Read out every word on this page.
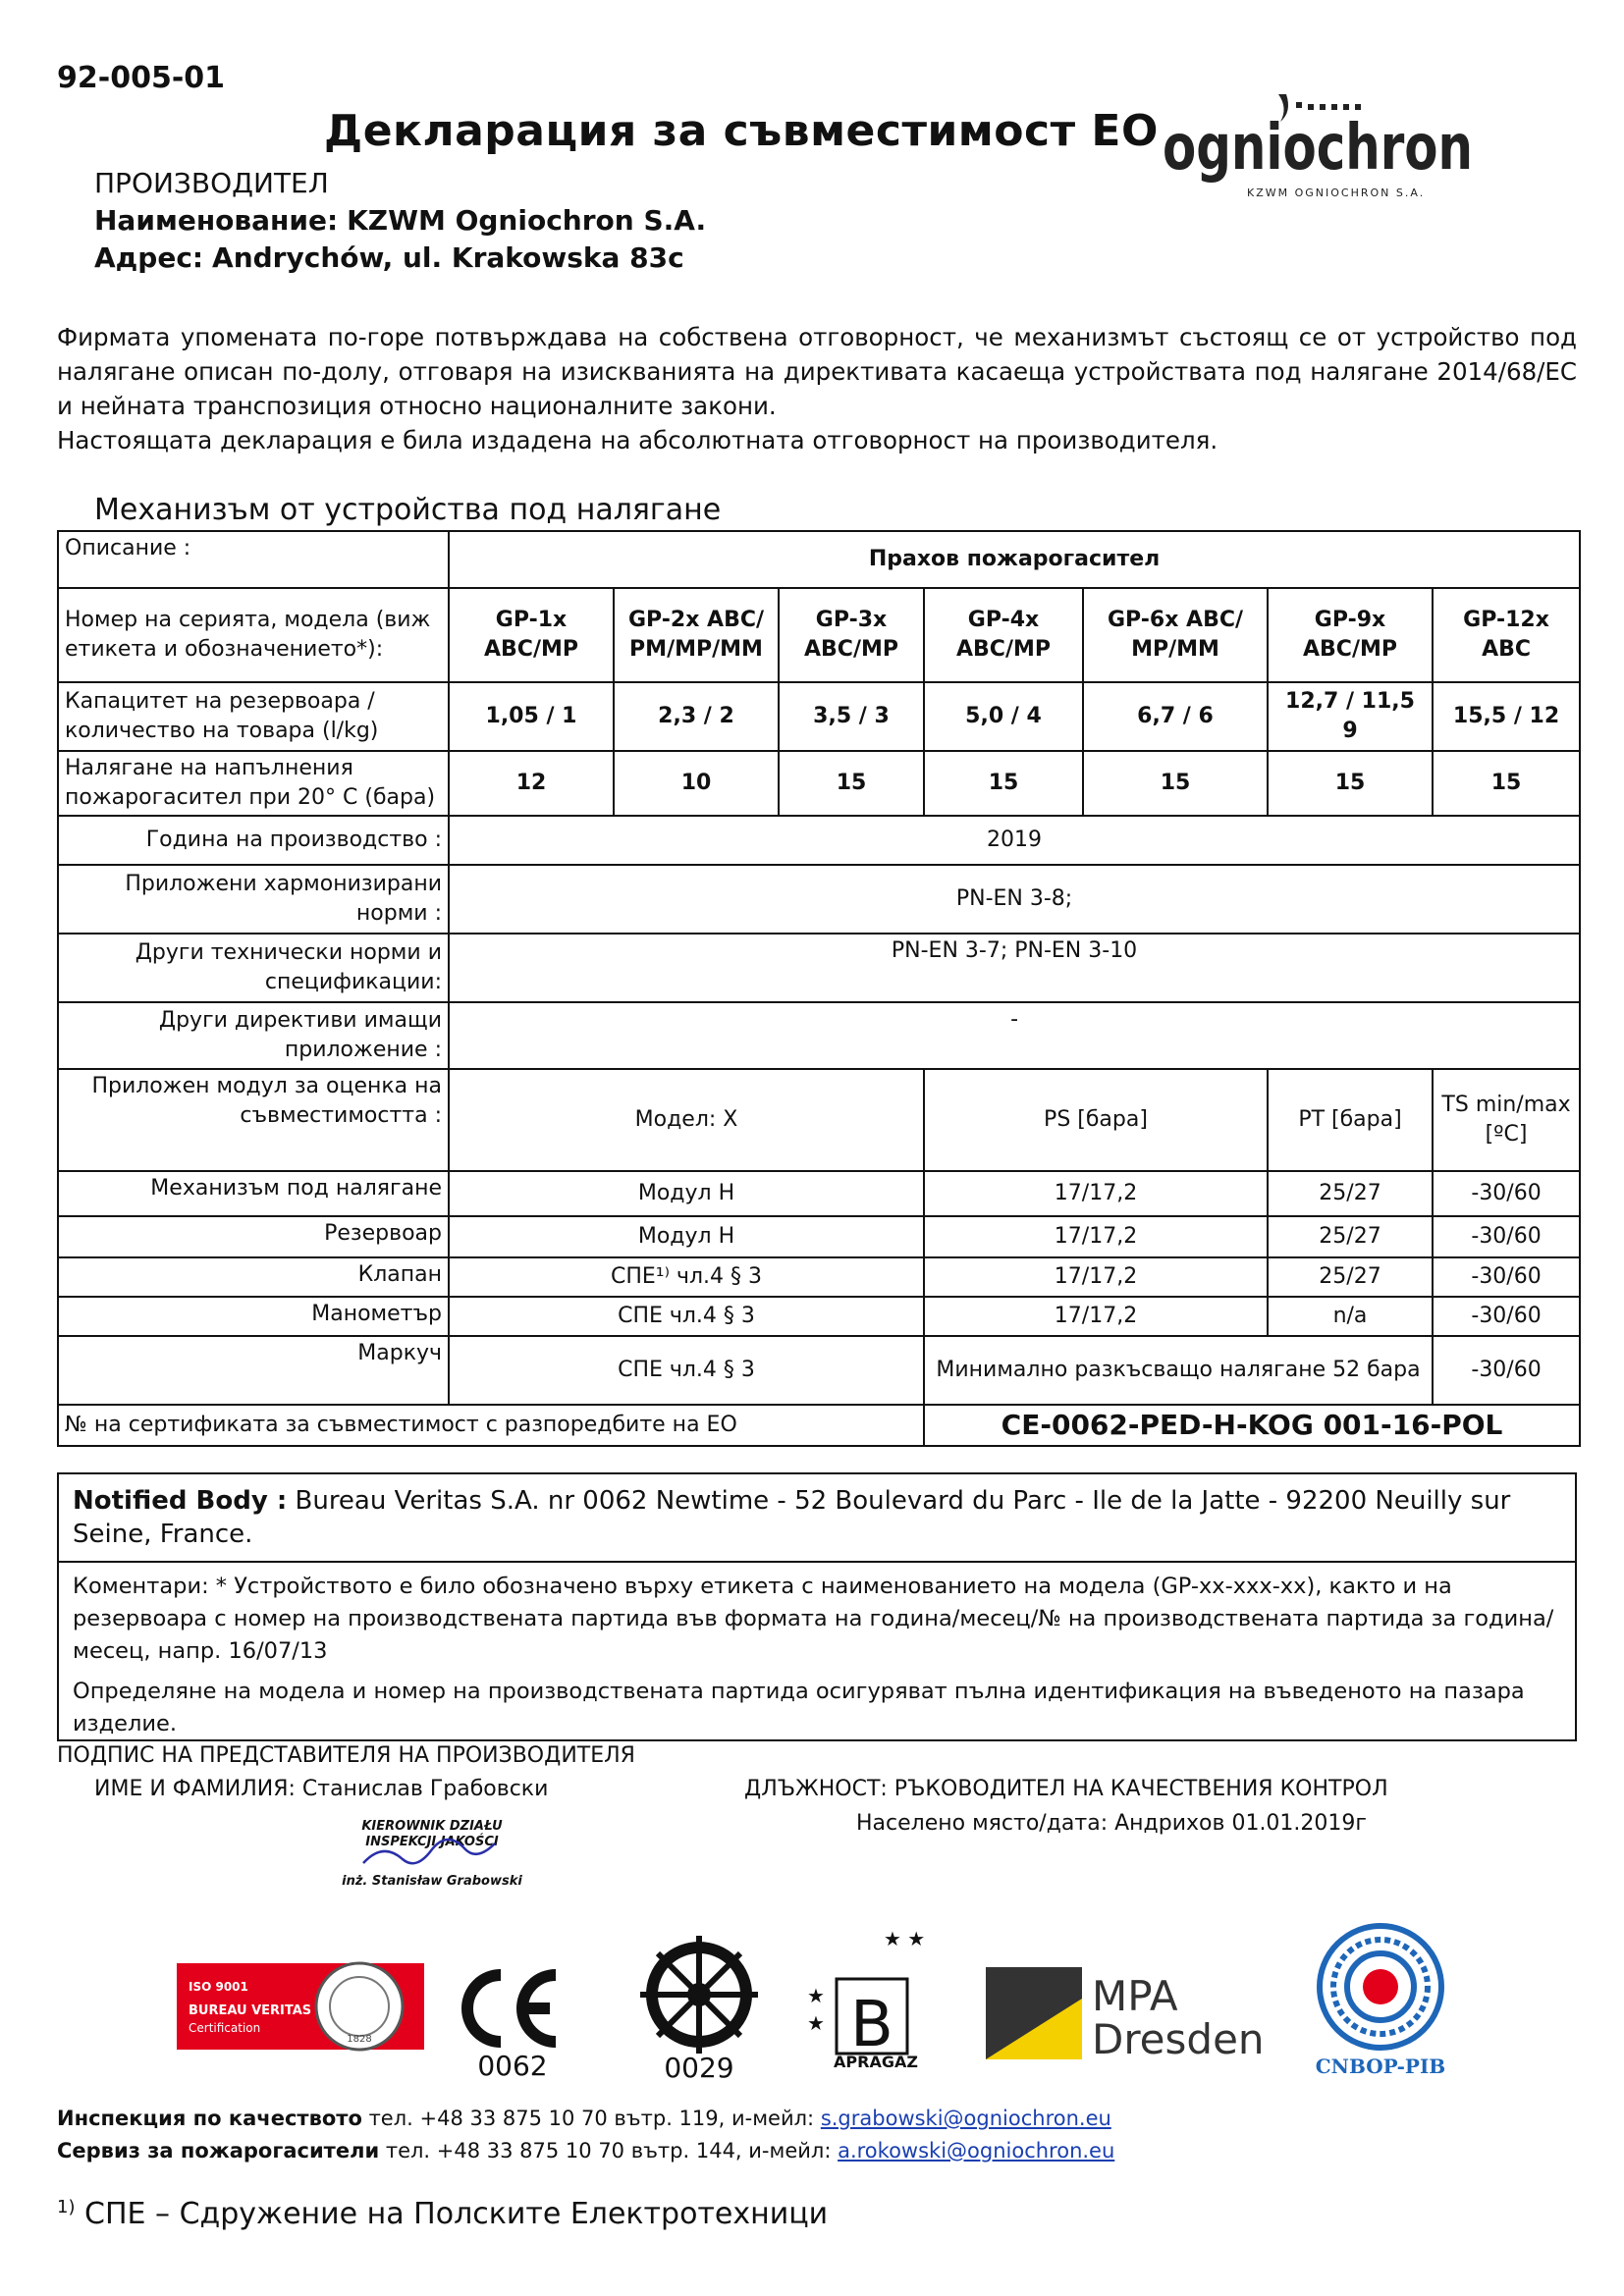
92-005-01
Декларация за съвместимост ЕО ogniochron
KZWM OGNIOCHRON S.A.
ПРОИЗВОДИТЕЛ
Наименование: KZWM Ogniochron S.A.
Адрес: Andrychów, ul. Krakowska 83c
Фирмата упомената по-горе потвърждава на собствена отговорност, че механизмът състоящ се от устройство под налягане описан по-долу, отговаря на изискванията на директивата касаеща устройствата под налягане 2014/68/EC и нейната транспозиция относно националните закони.
Настоящата декларация е била издадена на абсолютната отговорност на производителя.
Механизъм от устройства под налягане
Описание :	Прахов пожарогасител						
Номер на серията, модела (виж етикета и обозначението*):	GP-1x ABC/MP	GP-2x ABC/ PM/MP/MM	GP-3x ABC/MP	GP-4x ABC/MP	GP-6x ABC/ MP/MM	GP-9x ABC/MP	GP-12x ABC
Капацитет на резервоара / количество на товара (l/kg)	1,05 / 1	2,3 / 2	3,5 / 3	5,0 / 4	6,7 / 6	12,7 / 11,5 9	15,5 / 12
Налягане на напълнения пожарогасител при 20° C (бара)	12	10	15	15	15	15	15
Година на производство :	2019						
Приложени хармонизирани норми :	PN-EN 3-8;						
Други технически норми и спецификации:	PN-EN 3-7; PN-EN 3-10						
Други директиви имащи приложение :	-						
Приложен модул за оценка на съвместимостта :	Модел: X			PS [бара]		PT [бара]	TS min/max [ºC]
Механизъм под налягане	Модул H			17/17,2		25/27	-30/60
Резервоар	Модул H			17/17,2		25/27	-30/60
Клапан	СПЕ¹⁾ чл.4 § 3			17/17,2		25/27	-30/60
Манометър	СПЕ чл.4 § 3			17/17,2		n/a	-30/60
Маркуч	СПЕ чл.4 § 3			Минимално разкъсващо налягане 52 бара			-30/60
№ на сертификата за съвместимост с разпоредбите на ЕО				CE-0062-PED-H-KOG 001-16-POL			
Notified Body : Bureau Veritas S.A. nr 0062 Newtime - 52 Boulevard du Parc - Ile de la Jatte - 92200 Neuilly sur Seine, France.
Коментари: * Устройството е било обозначено върху етикета с наименованието на модела (GP-xx-xxx-xx), както и на резервоара с номер на производствената партида във формата на година/месец/№ на производствената партида за година/месец, напр. 16/07/13
Определяне на модела и номер на производствената партида осигуряват пълна идентификация на въведеното на пазара изделие.
ПОДПИС НА ПРЕДСТАВИТЕЛЯ НА ПРОИЗВОДИТЕЛЯ
ИМЕ И ФАМИЛИЯ: Станислав Грабовски	ДЛЪЖНОСТ: РЪКОВОДИТЕЛ НА КАЧЕСТВЕНИЯ КОНТРОЛ
Населено място/дата: Андрихов 01.01.2019г
KIEROWNIK DZIAŁU
INSPEKCJI JAKOŚCI
inż. Stanisław Grabowski
ISO 9001
BUREAU VERITAS
Certification
1828
0062	0029
B
APRAGAZ
★ ★
★
★
MPA
Dresden
CNBOP-PIB
Инспекция по качеството тел. +48 33 875 10 70 вътр. 119, и-мейл: s.grabowski@ogniochron.eu
Сервиз за пожарогасители тел. +48 33 875 10 70 вътр. 144, и-мейл: a.rokowski@ogniochron.eu
$^{1)}$ СПЕ – Сдружение на Полските Електротехници
